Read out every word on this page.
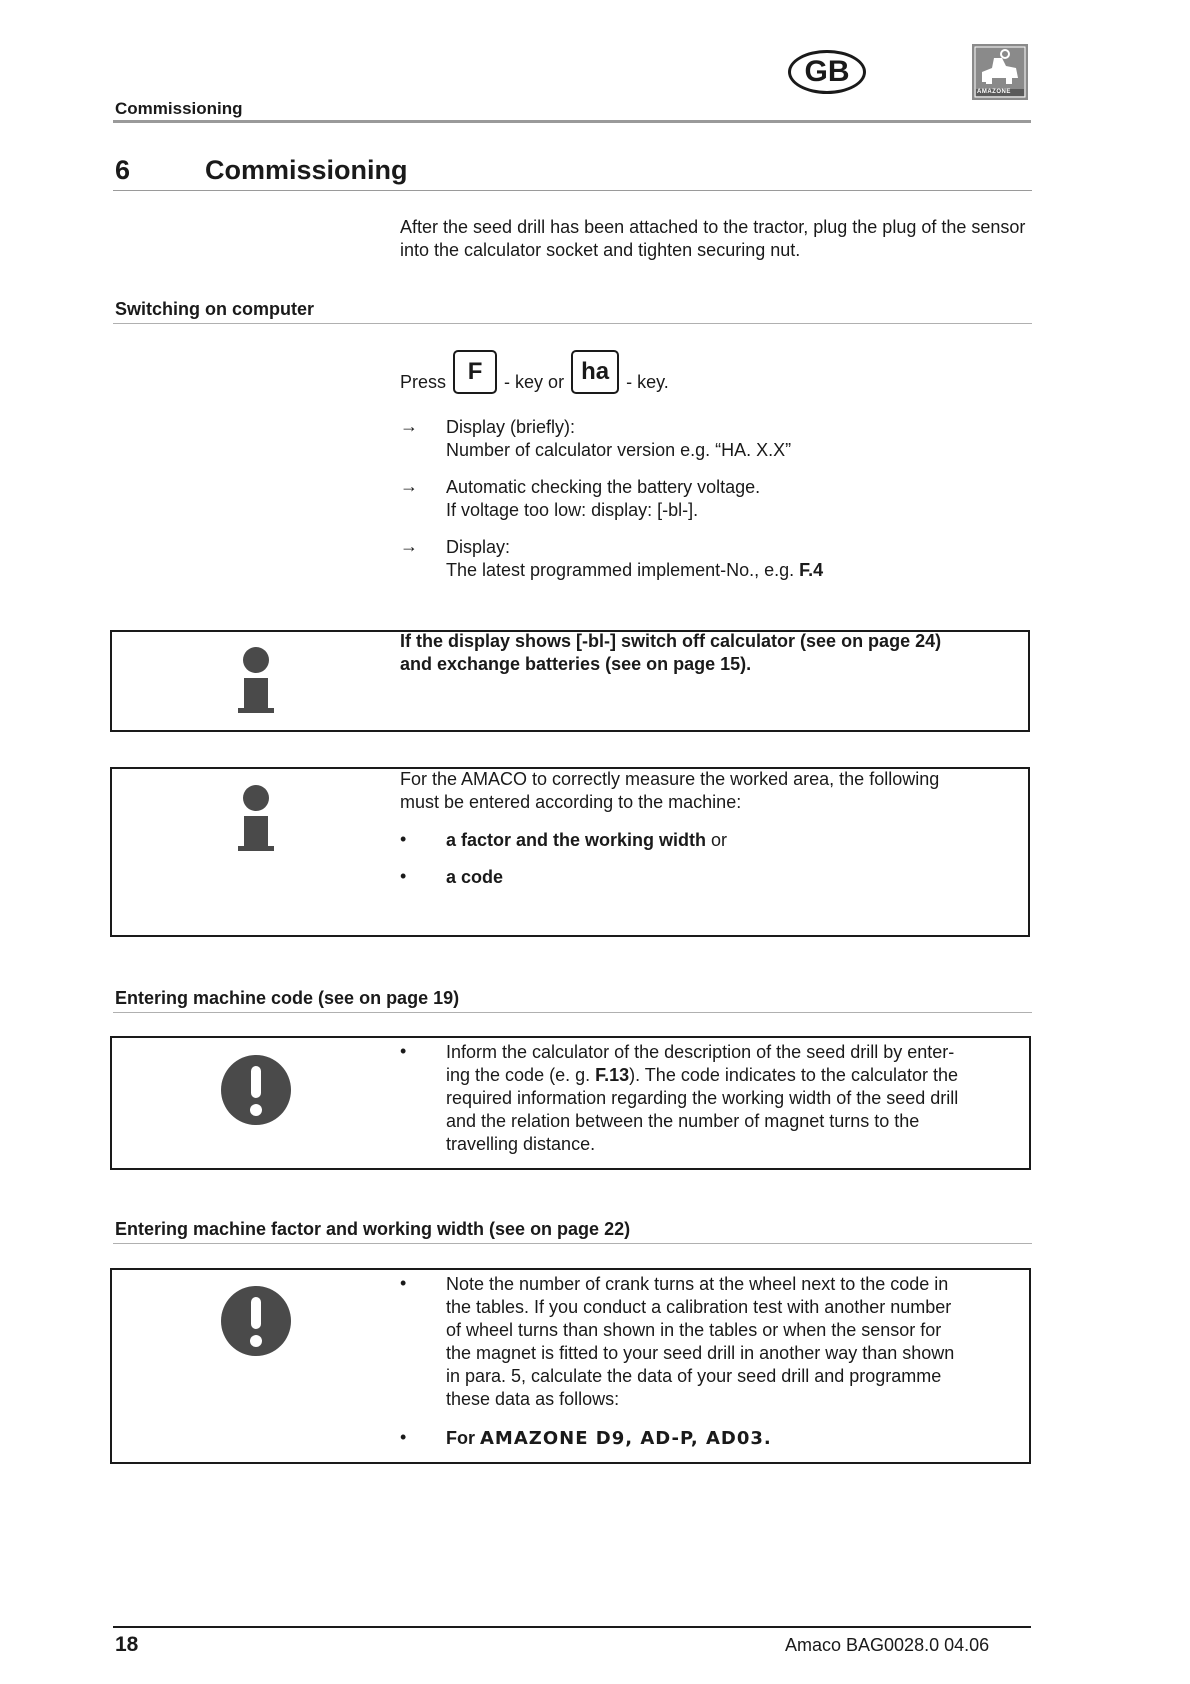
Commissioning
GB
AMAZONE
6	Commissioning
After the seed drill has been attached to the tractor, plug the plug of the sensor into the calculator socket and tighten securing nut.
Switching on computer
Press F - key or ha - key.
→ Display (briefly):
Number of calculator version e.g. “HA. X.X”
→ Automatic checking the battery voltage.
If voltage too low: display: [-bl-].
→ Display:
The latest programmed implement-No., e.g. F.4
If the display shows [-bl-] switch off calculator (see on page 24)
and exchange batteries (see on page 15).
For the AMACO to correctly measure the worked area, the following
must be entered according to the machine:
• a factor and the working width or
• a code
Entering machine code (see on page 19)
• Inform the calculator of the description of the seed drill by enter-
ing the code (e. g. F.13). The code indicates to the calculator the
required information regarding the working width of the seed drill
and the relation between the number of magnet turns to the
travelling distance.
Entering machine factor and working width (see on page 22)
• Note the number of crank turns at the wheel next to the code in
the tables. If you conduct a calibration test with another number
of wheel turns than shown in the tables or when the sensor for
the magnet is fitted to your seed drill in another way than shown
in para. 5, calculate the data of your seed drill and programme
these data as follows:
• For AMAZONE D9, AD-P, AD03.
18	Amaco BAG0028.0 04.06
